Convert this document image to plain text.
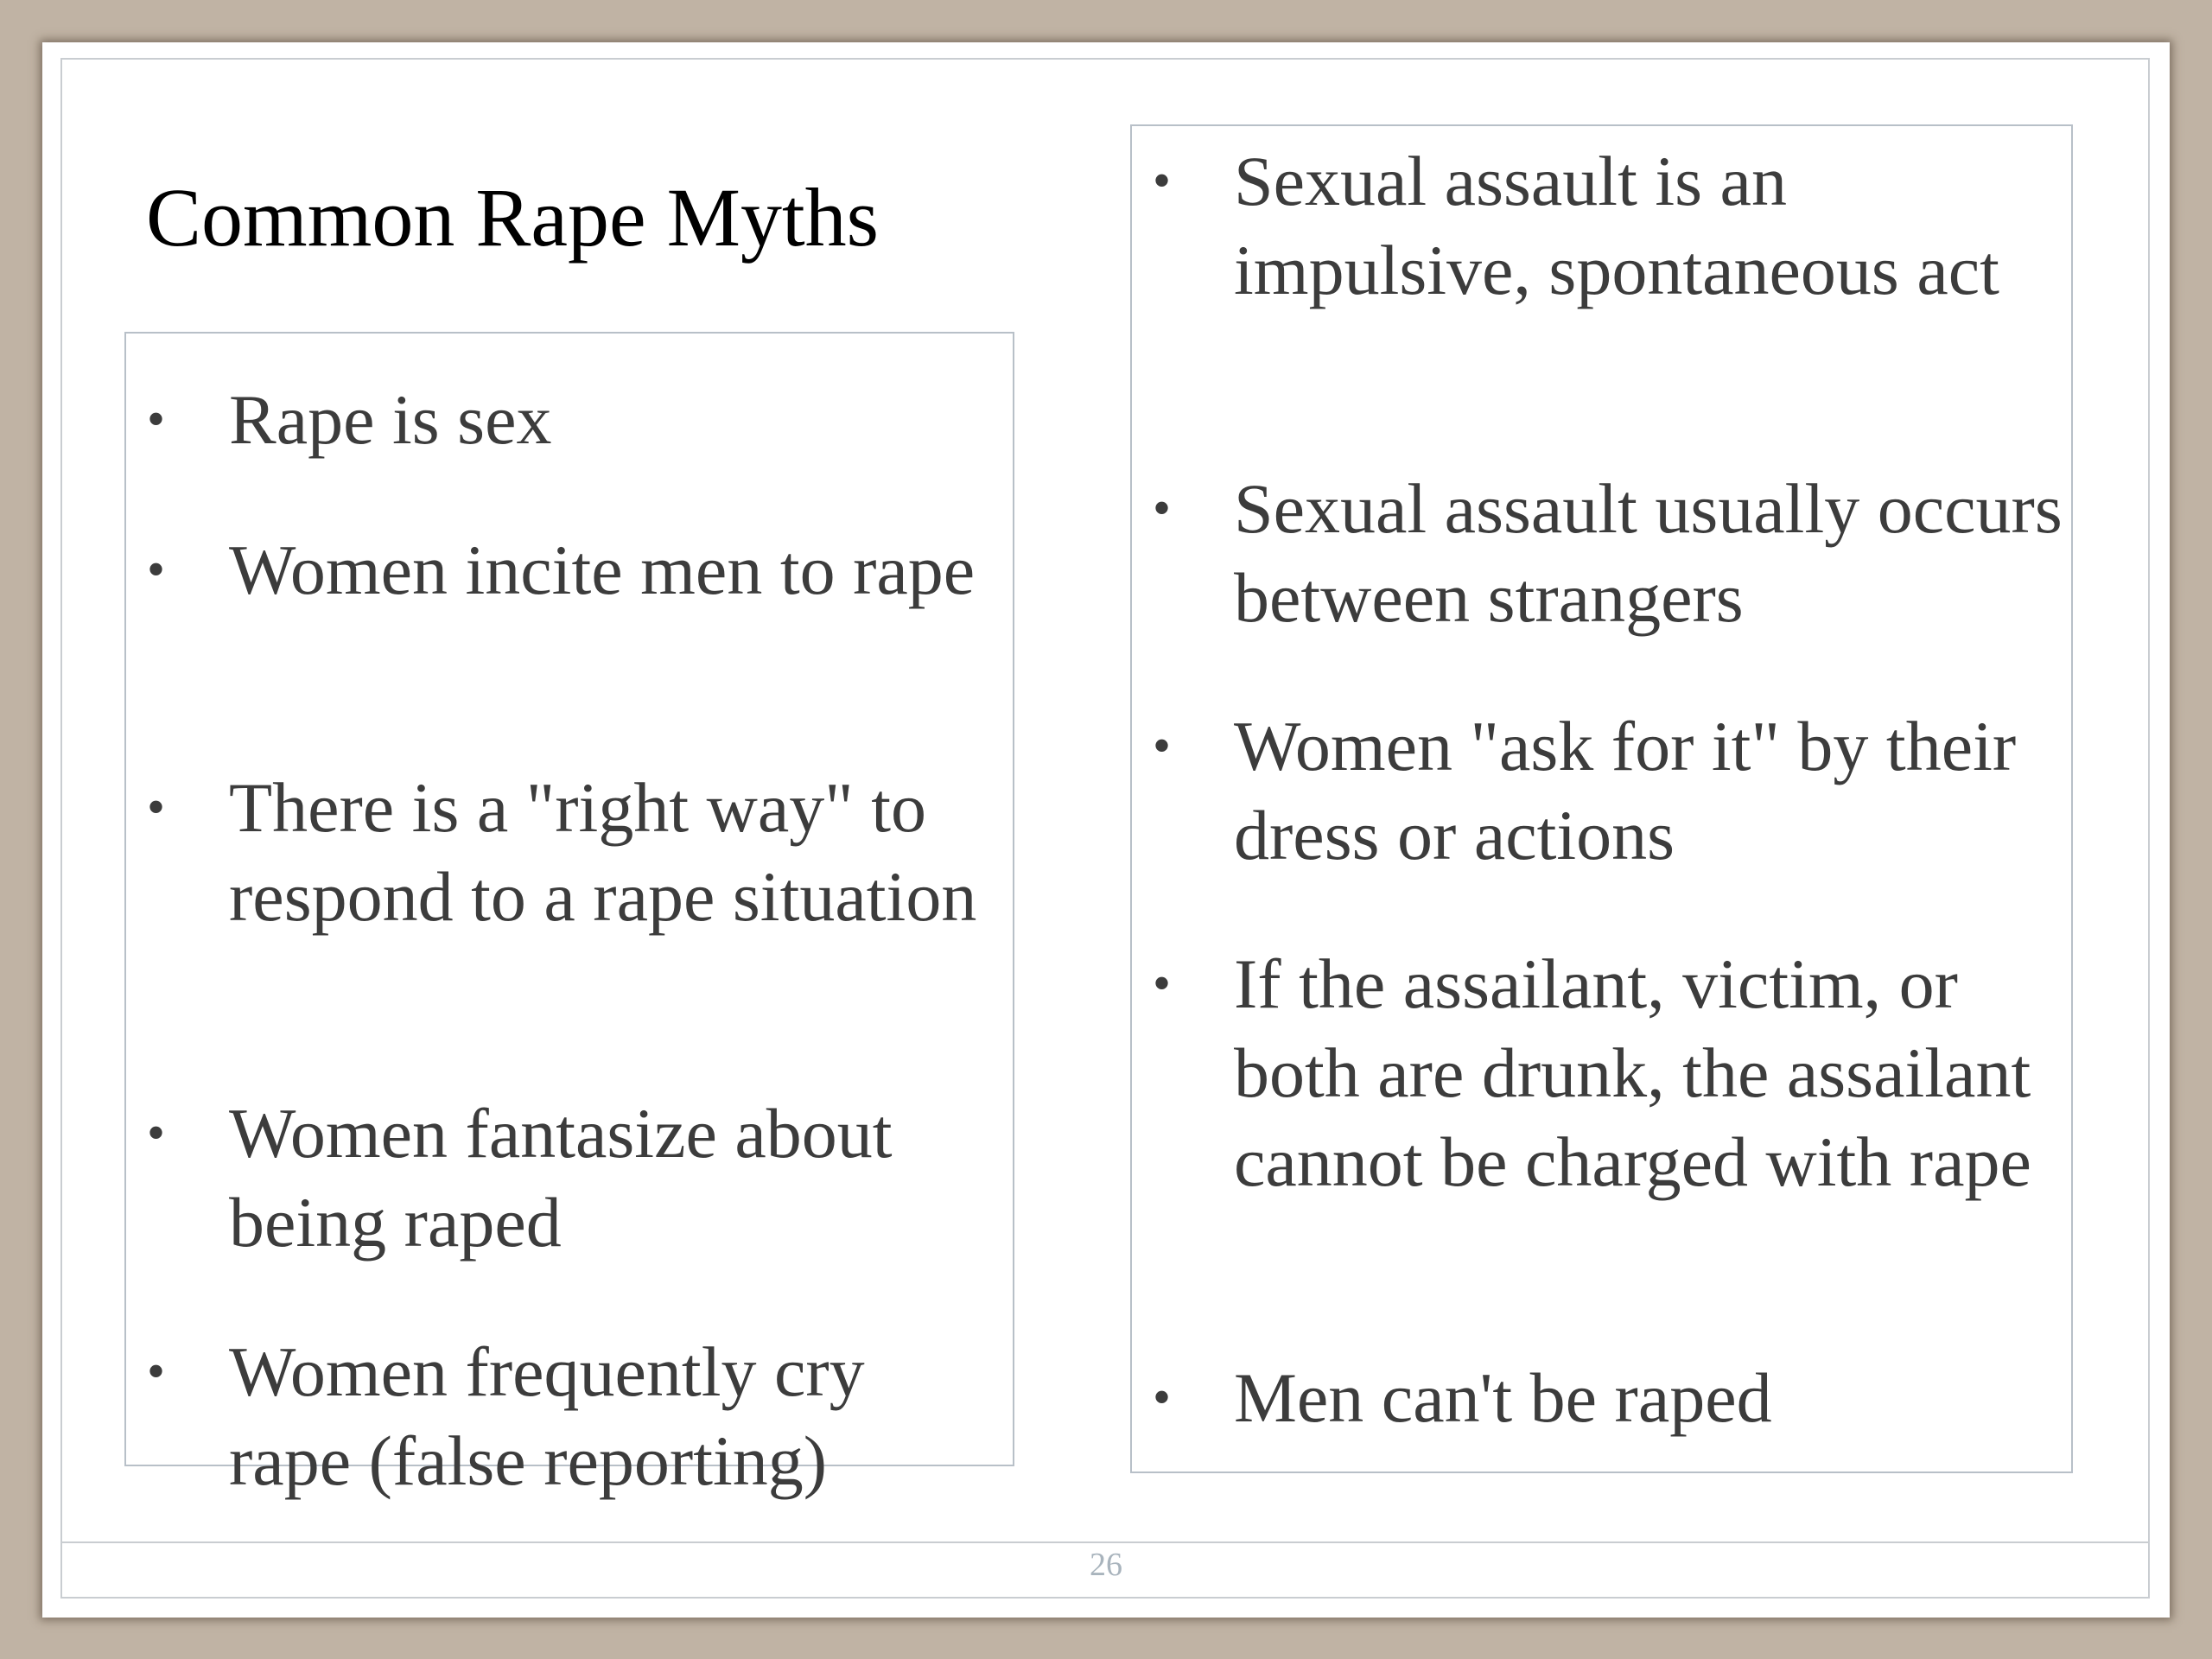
Common Rape Myths
• Rape is sex
• Women incite men to rape
• There is a "right way" to respond to a rape situation
• Women fantasize about being raped
• Women frequently cry rape (false reporting)
• Sexual assault is an impulsive, spontaneous act
• Sexual assault usually occurs between strangers
• Women "ask for it" by their dress or actions
• If the assailant, victim, or both are drunk, the assailant cannot be charged with rape
• Men can't be raped
26
